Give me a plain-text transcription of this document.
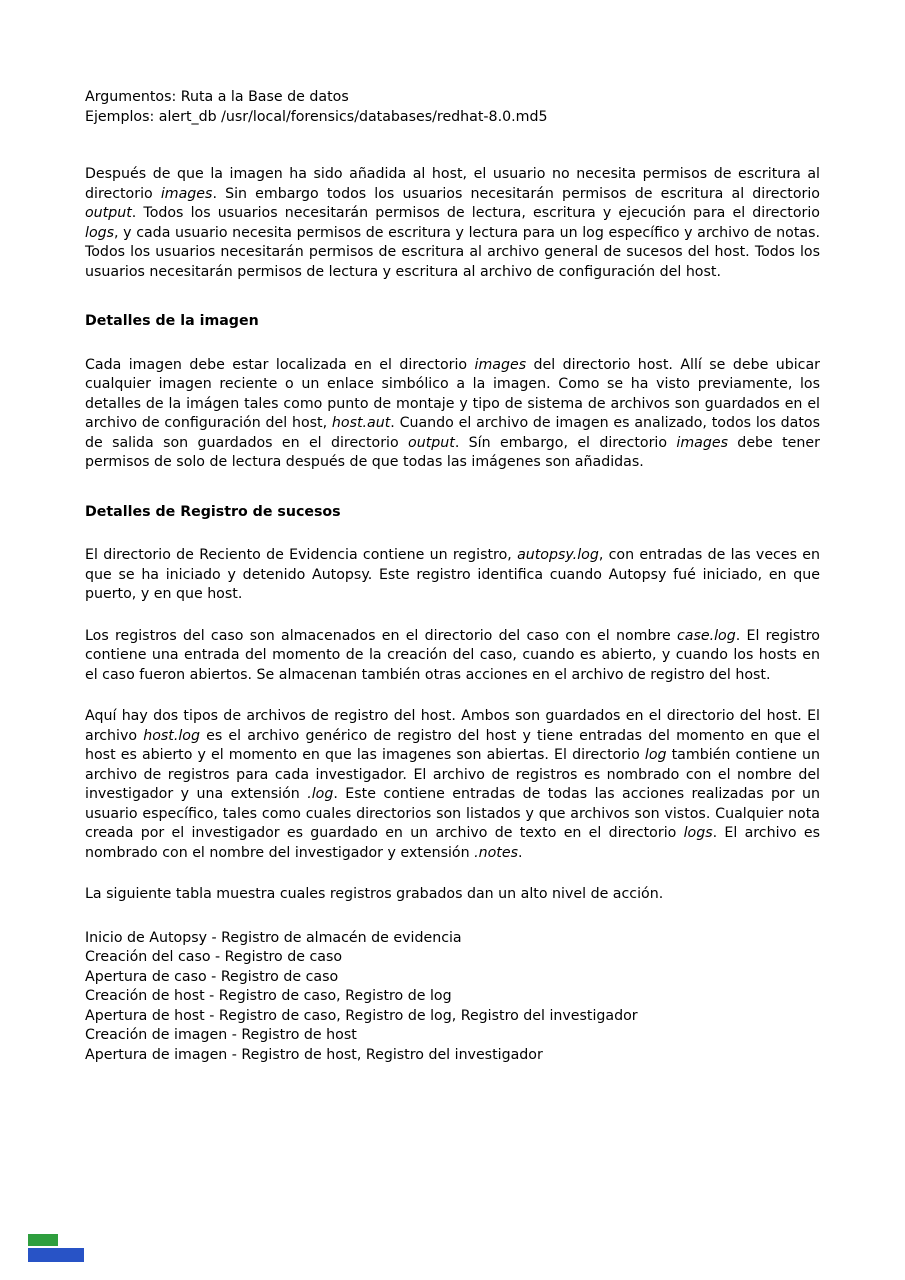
Argumentos: Ruta a la Base de datos
Ejemplos: alert_db /usr/local/forensics/databases/redhat-8.0.md5
Después de que la imagen ha sido añadida al host, el usuario no necesita permisos de escritura al directorio images. Sin embargo todos los usuarios necesitarán permisos de escritura al directorio output. Todos los usuarios necesitarán permisos de lectura, escritura y ejecución para el directorio logs, y cada usuario necesita permisos de escritura y lectura para un log específico y archivo de notas. Todos los usuarios necesitarán permisos de escritura al archivo general de sucesos del host. Todos los usuarios necesitarán permisos de lectura y escritura al archivo de configuración del host.
Detalles de la imagen
Cada imagen debe estar localizada en el directorio images del directorio host. Allí se debe ubicar cualquier imagen reciente o un enlace simbólico a la imagen. Como se ha visto previamente, los detalles de la imágen tales como punto de montaje y tipo de sistema de archivos son guardados en el archivo de configuración del host, host.aut. Cuando el archivo de imagen es analizado, todos los datos de salida son guardados en el directorio output. Sín embargo, el directorio images debe tener permisos de solo de lectura después de que todas las imágenes son añadidas.
Detalles de Registro de sucesos
El directorio de Reciento de Evidencia contiene un registro, autopsy.log, con entradas de las veces en que se ha iniciado y detenido Autopsy. Este registro identifica cuando Autopsy fué iniciado, en que puerto, y en que host.
Los registros del caso son almacenados en el directorio del caso con el nombre case.log. El registro contiene una entrada del momento de la creación del caso, cuando es abierto, y cuando los hosts en el caso fueron abiertos. Se almacenan también otras acciones en el archivo de registro del host.
Aquí hay dos tipos de archivos de registro del host. Ambos son guardados en el directorio del host. El archivo host.log es el archivo genérico de registro del host y tiene entradas del momento en que el host es abierto y el momento en que las imagenes son abiertas. El directorio log también contiene un archivo de registros para cada investigador. El archivo de registros es nombrado con el nombre del investigador y una extensión .log. Este contiene entradas de todas las acciones realizadas por un usuario específico, tales como cuales directorios son listados y que archivos son vistos. Cualquier nota creada por el investigador es guardado en un archivo de texto en el directorio logs. El archivo es nombrado con el nombre del investigador y extensión .notes.
La siguiente tabla muestra cuales registros grabados dan un alto nivel de acción.
Inicio de Autopsy - Registro de almacén de evidencia
Creación del caso - Registro de caso
Apertura de caso - Registro de caso
Creación de host - Registro de caso, Registro de log
Apertura de host - Registro de caso, Registro de log, Registro del investigador
Creación de imagen - Registro de host
Apertura de imagen - Registro de host, Registro del investigador
